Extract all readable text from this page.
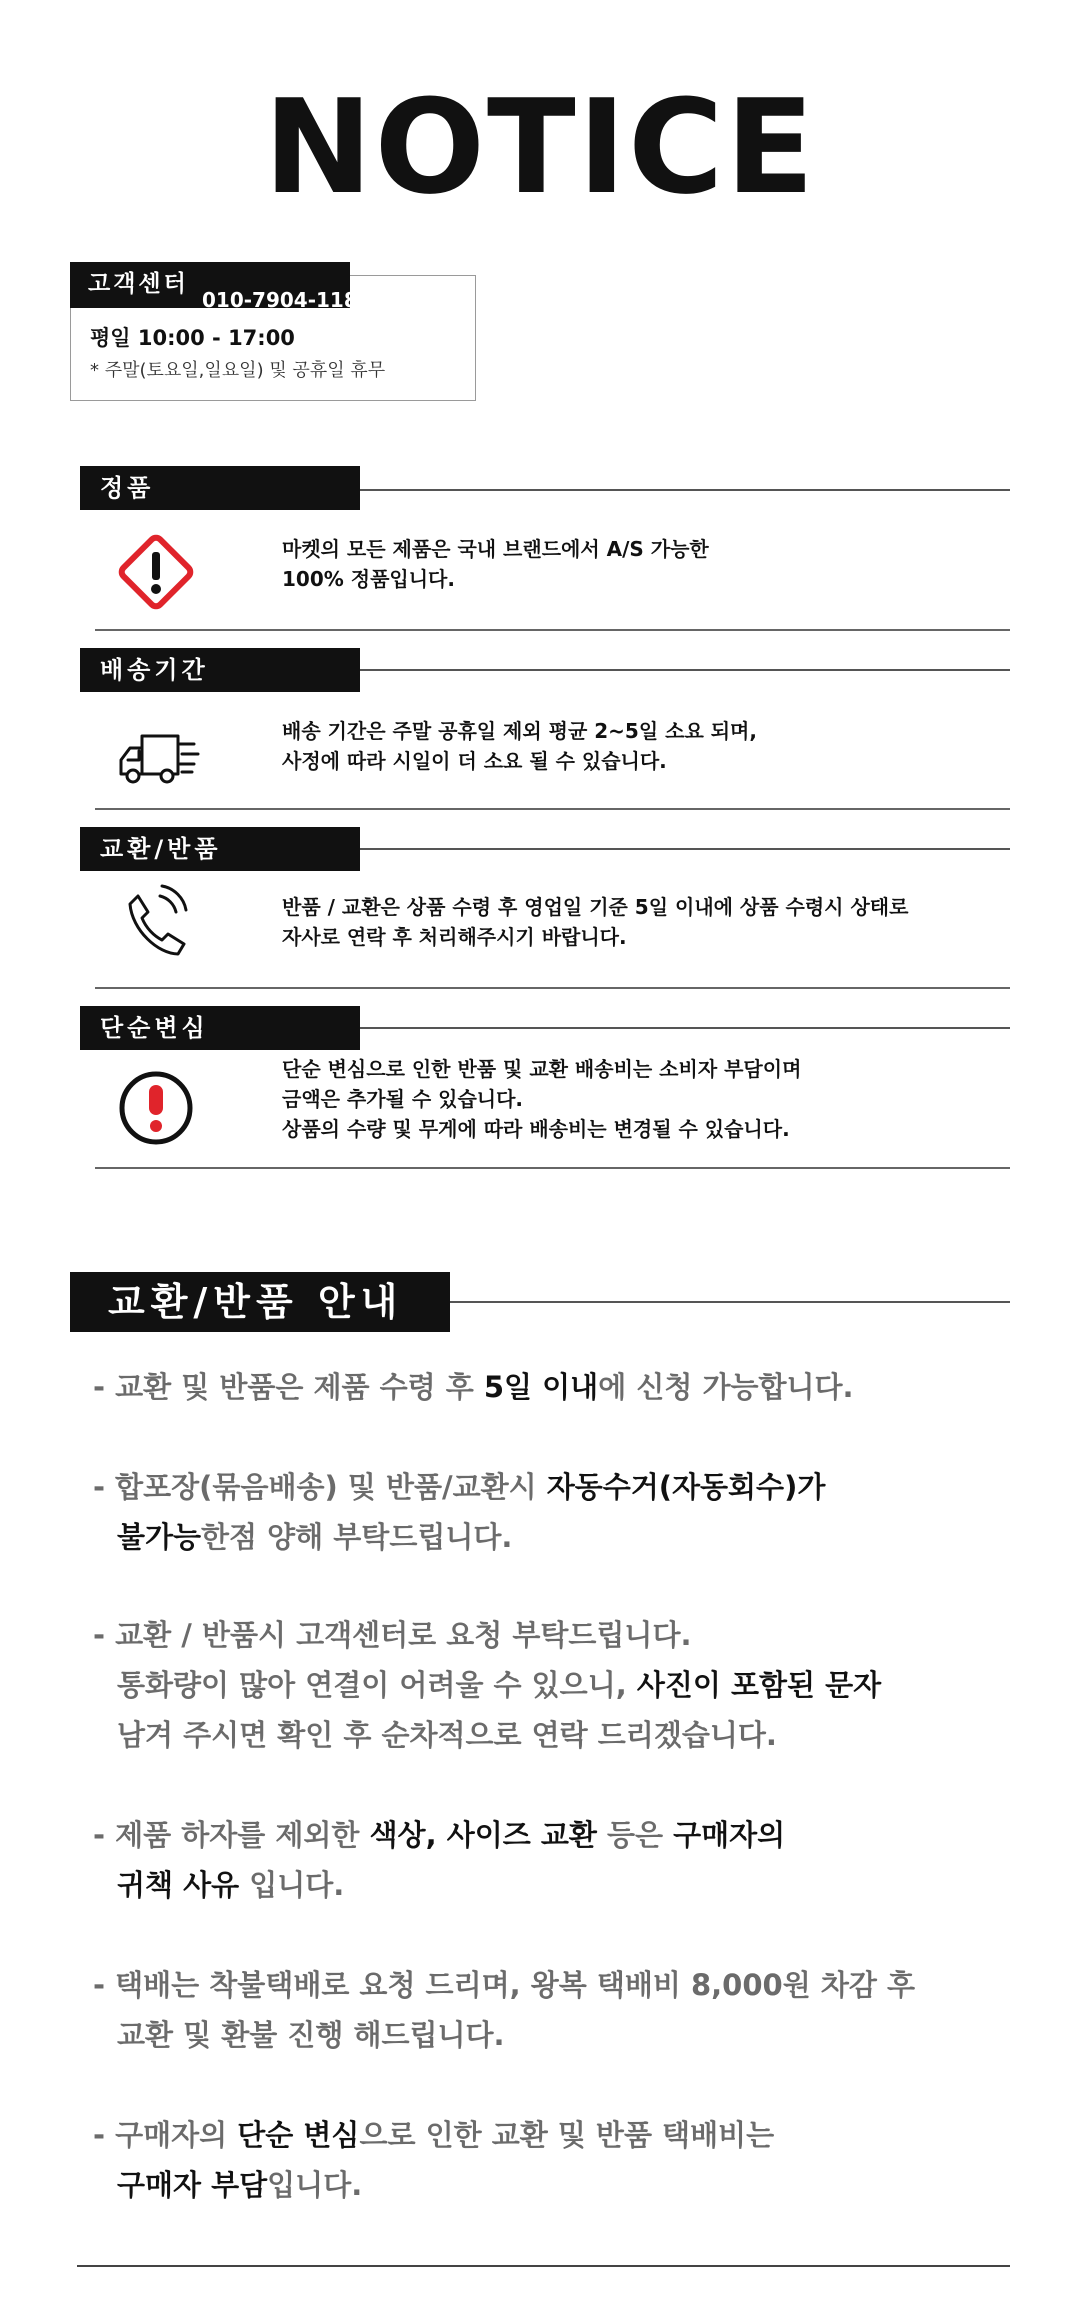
NOTICE
고객센터
010-7904-1186
평일 10:00 - 17:00
* 주말(토요일,일요일) 및 공휴일 휴무
정품
마켓의 모든 제품은 국내 브랜드에서 A/S 가능한
100% 정품입니다.
배송기간
배송 기간은 주말 공휴일 제외 평균 2~5일 소요 되며,
사정에 따라 시일이 더 소요 될 수 있습니다.
교환/반품
반품 / 교환은 상품 수령 후 영업일 기준 5일 이내에 상품 수령시 상태로
자사로 연락 후 처리해주시기 바랍니다.
단순변심
단순 변심으로 인한 반품 및 교환 배송비는 소비자 부담이며
금액은 추가될 수 있습니다.
상품의 수량 및 무게에 따라 배송비는 변경될 수 있습니다.
교환/반품 안내
- 교환 및 반품은 제품 수령 후 5일 이내에 신청 가능합니다.
- 합포장(묶음배송) 및 반품/교환시 자동수거(자동회수)가
불가능한점 양해 부탁드립니다.
- 교환 / 반품시 고객센터로 요청 부탁드립니다.
통화량이 많아 연결이 어려울 수 있으니, 사진이 포함된 문자
남겨 주시면 확인 후 순차적으로 연락 드리겠습니다.
- 제품 하자를 제외한 색상, 사이즈 교환 등은 구매자의
귀책 사유 입니다.
- 택배는 착불택배로 요청 드리며, 왕복 택배비 8,000원 차감 후
교환 및 환불 진행 해드립니다.
- 구매자의 단순 변심으로 인한 교환 및 반품 택배비는
구매자 부담입니다.
